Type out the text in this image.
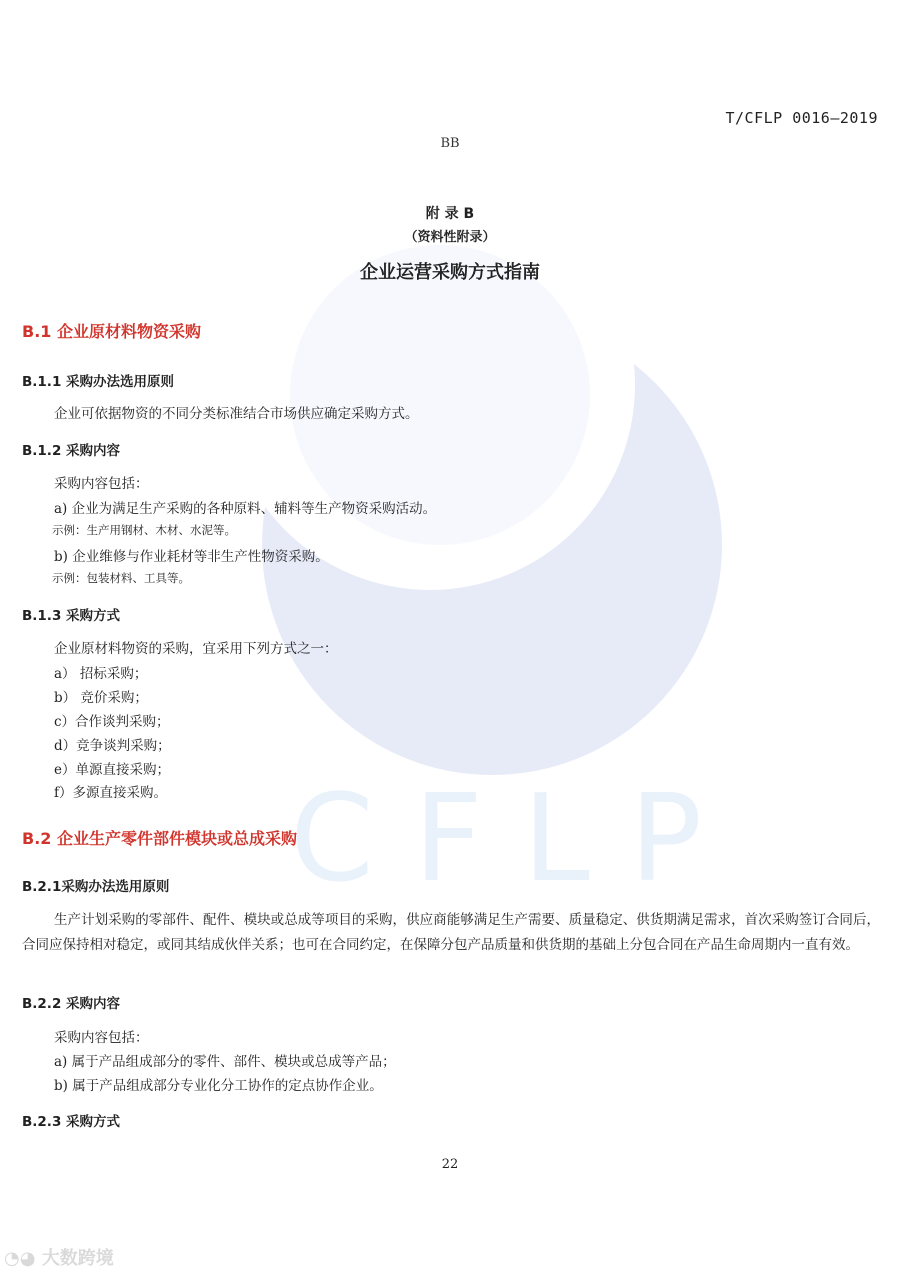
CFLP
T/CFLP 0016—2019
BB
附 录 B
（资料性附录）
企业运营采购方式指南
B.1 企业原材料物资采购
B.1.1 采购办法选用原则
企业可依据物资的不同分类标准结合市场供应确定采购方式。
B.1.2 采购内容
采购内容包括：
a) 企业为满足生产采购的各种原料、辅料等生产物资采购活动。
示例：生产用钢材、木材、水泥等。
b) 企业维修与作业耗材等非生产性物资采购。
示例：包装材料、工具等。
B.1.3 采购方式
企业原材料物资的采购，宜采用下列方式之一：
a） 招标采购；
b） 竞价采购；
c）合作谈判采购；
d）竞争谈判采购；
e）单源直接采购；
f）多源直接采购。
B.2 企业生产零件部件模块或总成采购
B.2.1采购办法选用原则
生产计划采购的零部件、配件、模块或总成等项目的采购，供应商能够满足生产需要、质量稳定、供货期满足需求，首次采购签订合同后，合同应保持相对稳定，或同其结成伙伴关系；也可在合同约定，在保障分包产品质量和供货期的基础上分包合同在产品生命周期内一直有效。
B.2.2 采购内容
采购内容包括：
a) 属于产品组成部分的零件、部件、模块或总成等产品；
b) 属于产品组成部分专业化分工协作的定点协作企业。
B.2.3 采购方式
22
◔◕ 大数跨境
